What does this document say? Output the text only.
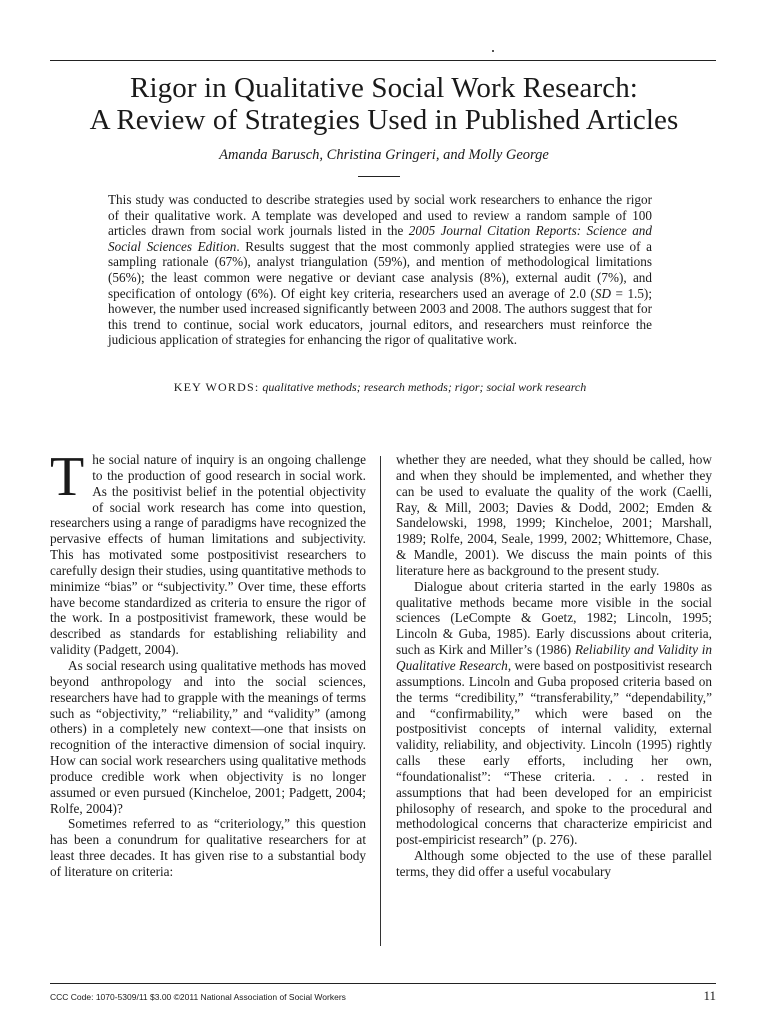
Rigor in Qualitative Social Work Research:
A Review of Strategies Used in Published Articles
Amanda Barusch, Christina Gringeri, and Molly George

This study was conducted to describe strategies used by social work researchers to enhance the rigor of their qualitative work. A template was developed and used to review a random sample of 100 articles drawn from social work journals listed in the 2005 Journal Citation Reports: Science and Social Sciences Edition. Results suggest that the most commonly applied strategies were use of a sampling rationale (67%), analyst triangulation (59%), and mention of methodological limitations (56%); the least common were negative or deviant case analysis (8%), external audit (7%), and specification of ontology (6%). Of eight key criteria, researchers used an average of 2.0 (SD = 1.5); however, the number used increased significantly between 2003 and 2008. The authors suggest that for this trend to continue, social work educators, journal editors, and researchers must reinforce the judicious application of strategies for enhancing the rigor of qualitative work.

KEY WORDS: qualitative methods; research methods; rigor; social work research

The social nature of inquiry is an ongoing challenge to the production of good research in social work. As the positivist belief in the potential objectivity of social work research has come into question, researchers using a range of paradigms have recognized the pervasive effects of human limitations and subjectivity. This has motivated some postpositivist researchers to carefully design their studies, using quantitative methods to minimize “bias” or “subjectivity.” Over time, these efforts have become standardized as criteria to ensure the rigor of the work. In a postpositivist framework, these would be described as standards for establishing reliability and validity (Padgett, 2004).

As social research using qualitative methods has moved beyond anthropology and into the social sciences, researchers have had to grapple with the meanings of terms such as “objectivity,” “reliability,” and “validity” (among others) in a completely new context—one that insists on recognition of the interactive dimension of social inquiry. How can social work researchers using qualitative methods produce credible work when objectivity is no longer assumed or even pursued (Kincheloe, 2001; Padgett, 2004; Rolfe, 2004)?

Sometimes referred to as “criteriology,” this question has been a conundrum for qualitative researchers for at least three decades. It has given rise to a substantial body of literature on criteria:

whether they are needed, what they should be called, how and when they should be implemented, and whether they can be used to evaluate the quality of the work (Caelli, Ray, & Mill, 2003; Davies & Dodd, 2002; Emden & Sandelowski, 1998, 1999; Kincheloe, 2001; Marshall, 1989; Rolfe, 2004, Seale, 1999, 2002; Whittemore, Chase, & Mandle, 2001). We discuss the main points of this literature here as background to the present study.

Dialogue about criteria started in the early 1980s as qualitative methods became more visible in the social sciences (LeCompte & Goetz, 1982; Lincoln, 1995; Lincoln & Guba, 1985). Early discussions about criteria, such as Kirk and Miller’s (1986) Reliability and Validity in Qualitative Research, were based on postpositivist research assumptions. Lincoln and Guba proposed criteria based on the terms “credibility,” “transferability,” “dependability,” and “confirmability,” which were based on the postpositivist concepts of internal validity, external validity, reliability, and objectivity. Lincoln (1995) rightly calls these early efforts, including her own, “foundationalist”: “These criteria. . . . rested in assumptions that had been developed for an empiricist philosophy of research, and spoke to the procedural and methodological concerns that characterize empiricist and post-empiricist research” (p. 276).

Although some objected to the use of these parallel terms, they did offer a useful vocabulary

CCC Code: 1070-5309/11 $3.00 ©2011 National Association of Social Workers	11
